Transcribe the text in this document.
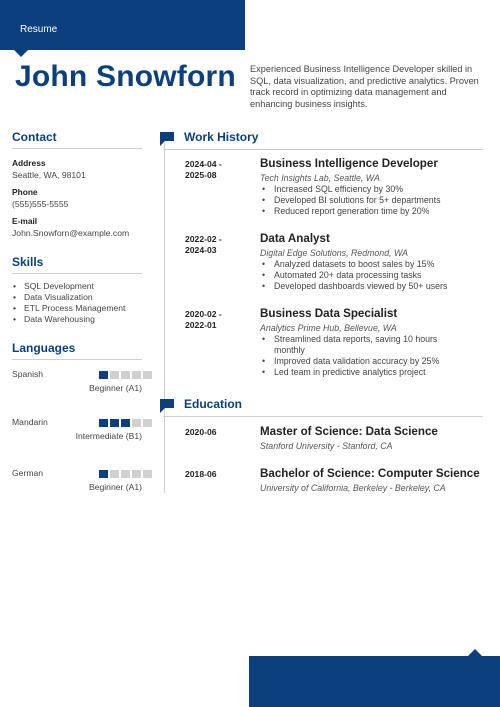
Resume
John Snowforn Experienced Business Intelligence Developer skilled in SQL, data visualization, and predictive analytics. Proven track record in optimizing data management and enhancing business insights.
Contact
Address
Seattle, WA, 98101
Phone
(555)555-5555
E-mail
John.Snowforn@example.com
Skills
• SQL Development
• Data Visualization
• ETL Process Management
• Data Warehousing
Languages
Spanish
Beginner (A1)
Mandarin
Intermediate (B1)
German
Beginner (A1)
Work History
2024-04 - 2025-08
Business Intelligence Developer
Tech Insights Lab, Seattle, WA
• Increased SQL efficiency by 30%
• Developed BI solutions for 5+ departments
• Reduced report generation time by 20%
2022-02 - 2024-03
Data Analyst
Digital Edge Solutions, Redmond, WA
• Analyzed datasets to boost sales by 15%
• Automated 20+ data processing tasks
• Developed dashboards viewed by 50+ users
2020-02 - 2022-01
Business Data Specialist
Analytics Prime Hub, Bellevue, WA
• Streamlined data reports, saving 10 hours monthly
• Improved data validation accuracy by 25%
• Led team in predictive analytics project
Education
2020-06	Master of Science: Data Science
Stanford University - Stanford, CA
2018-06	Bachelor of Science: Computer Science
University of California, Berkeley - Berkeley, CA
